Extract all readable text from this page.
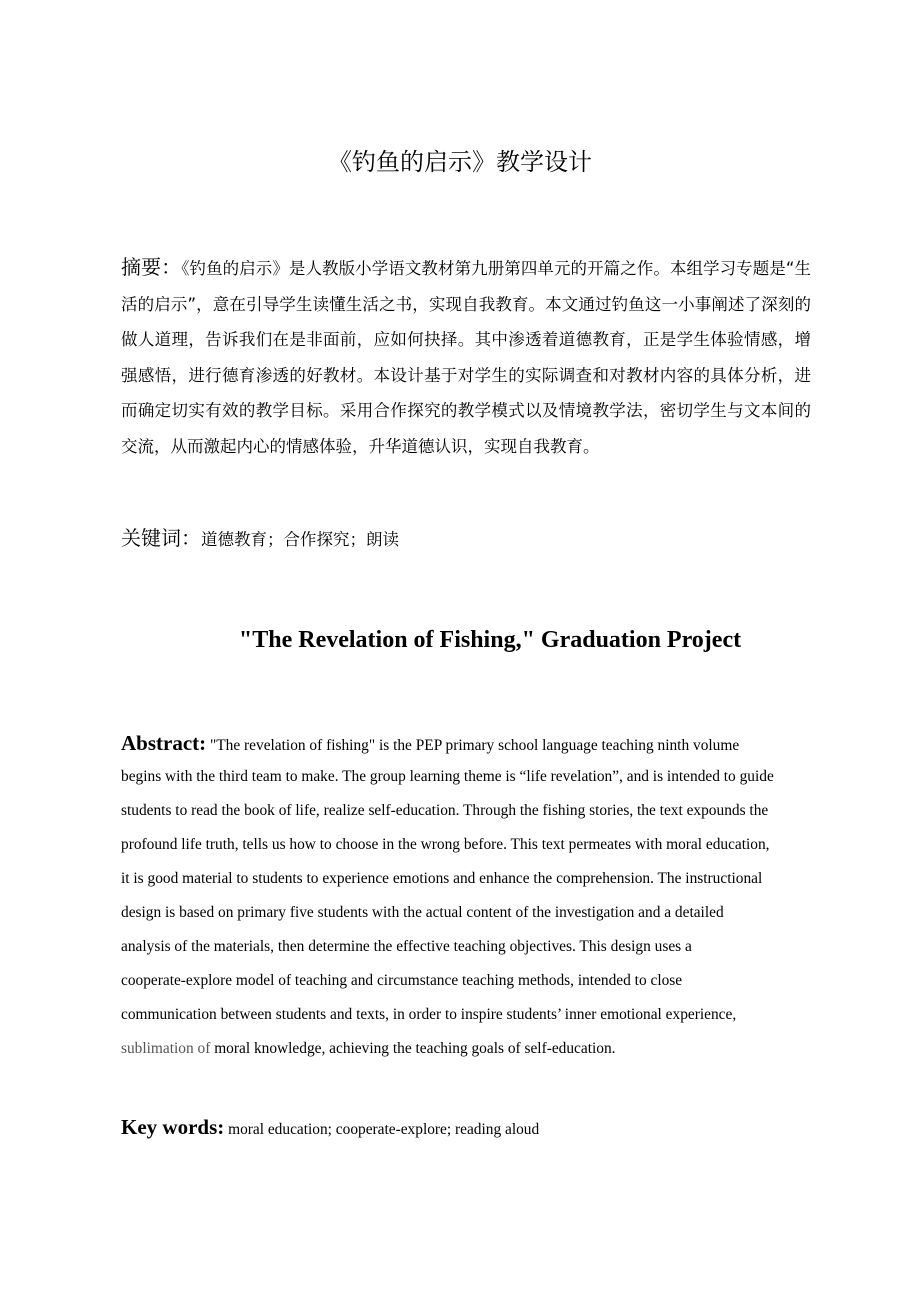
《钓鱼的启示》教学设计
摘要：《钓鱼的启示》是人教版小学语文教材第九册第四单元的开篇之作。本组学习专题是“生活的启示”，意在引导学生读懂生活之书，实现自我教育。本文通过钓鱼这一小事阐述了深刻的做人道理，告诉我们在是非面前，应如何抉择。其中渗透着道德教育，正是学生体验情感，增强感悟，进行德育渗透的好教材。本设计基于对学生的实际调查和对教材内容的具体分析，进而确定切实有效的教学目标。采用合作探究的教学模式以及情境教学法，密切学生与文本间的交流，从而激起内心的情感体验，升华道德认识，实现自我教育。
关键词：道德教育；合作探究；朗读
"The Revelation of Fishing," Graduation Project
Abstract: "The revelation of fishing" is the PEP primary school language teaching ninth volume
begins with the third team to make. The group learning theme is “life revelation”, and is intended to guide
students to read the book of life, realize self-education. Through the fishing stories, the text expounds the
profound life truth, tells us how to choose in the wrong before. This text permeates with moral education,
it is good material to students to experience emotions and enhance the comprehension. The instructional
design is based on primary five students with the actual content of the investigation and a detailed
analysis of the materials, then determine the effective teaching objectives. This design uses a
cooperate-explore model of teaching and circumstance teaching methods, intended to close
communication between students and texts, in order to inspire students’ inner emotional experience,
sublimation of moral knowledge, achieving the teaching goals of self-education.
Key words: moral education; cooperate-explore; reading aloud
